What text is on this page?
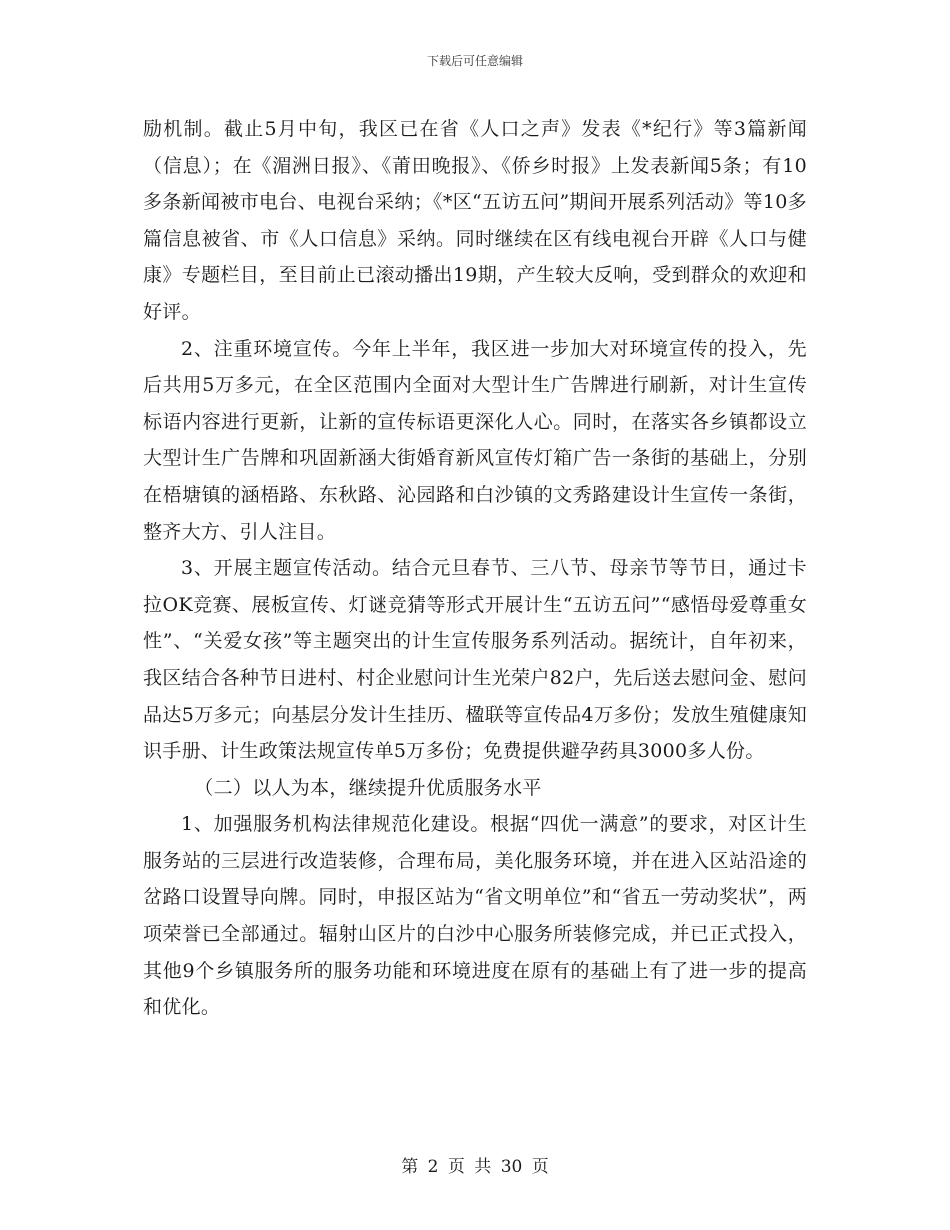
下载后可任意编辑

励机制。截止5月中旬，我区已在省《人口之声》发表《*纪行》等3篇新闻（信息）；在《湄洲日报》、《莆田晚报》、《侨乡时报》上发表新闻5条；有10多条新闻被市电台、电视台采纳；《*区“五访五问”期间开展系列活动》等10多篇信息被省、市《人口信息》采纳。同时继续在区有线电视台开辟《人口与健康》专题栏目，至目前止已滚动播出19期，产生较大反响，受到群众的欢迎和好评。

2、注重环境宣传。今年上半年，我区进一步加大对环境宣传的投入，先后共用5万多元，在全区范围内全面对大型计生广告牌进行刷新，对计生宣传标语内容进行更新，让新的宣传标语更深化人心。同时，在落实各乡镇都设立大型计生广告牌和巩固新涵大街婚育新风宣传灯箱广告一条街的基础上，分别在梧塘镇的涵梧路、东秋路、沁园路和白沙镇的文秀路建设计生宣传一条街，整齐大方、引人注目。

3、开展主题宣传活动。结合元旦春节、三八节、母亲节等节日，通过卡拉OK竞赛、展板宣传、灯谜竞猜等形式开展计生“五访五问”“感悟母爱尊重女性”、“关爱女孩”等主题突出的计生宣传服务系列活动。据统计，自年初来，我区结合各种节日进村、村企业慰问计生光荣户82户，先后送去慰问金、慰问品达5万多元；向基层分发计生挂历、楹联等宣传品4万多份；发放生殖健康知识手册、计生政策法规宣传单5万多份；免费提供避孕药具3000多人份。

（二）以人为本，继续提升优质服务水平

1、加强服务机构法律规范化建设。根据“四优一满意”的要求，对区计生服务站的三层进行改造装修，合理布局，美化服务环境，并在进入区站沿途的岔路口设置导向牌。同时，申报区站为“省文明单位”和“省五一劳动奖状”，两项荣誉已全部通过。辐射山区片的白沙中心服务所装修完成，并已正式投入，其他9个乡镇服务所的服务功能和环境进度在原有的基础上有了进一步的提高和优化。

第 2 页 共 30 页
